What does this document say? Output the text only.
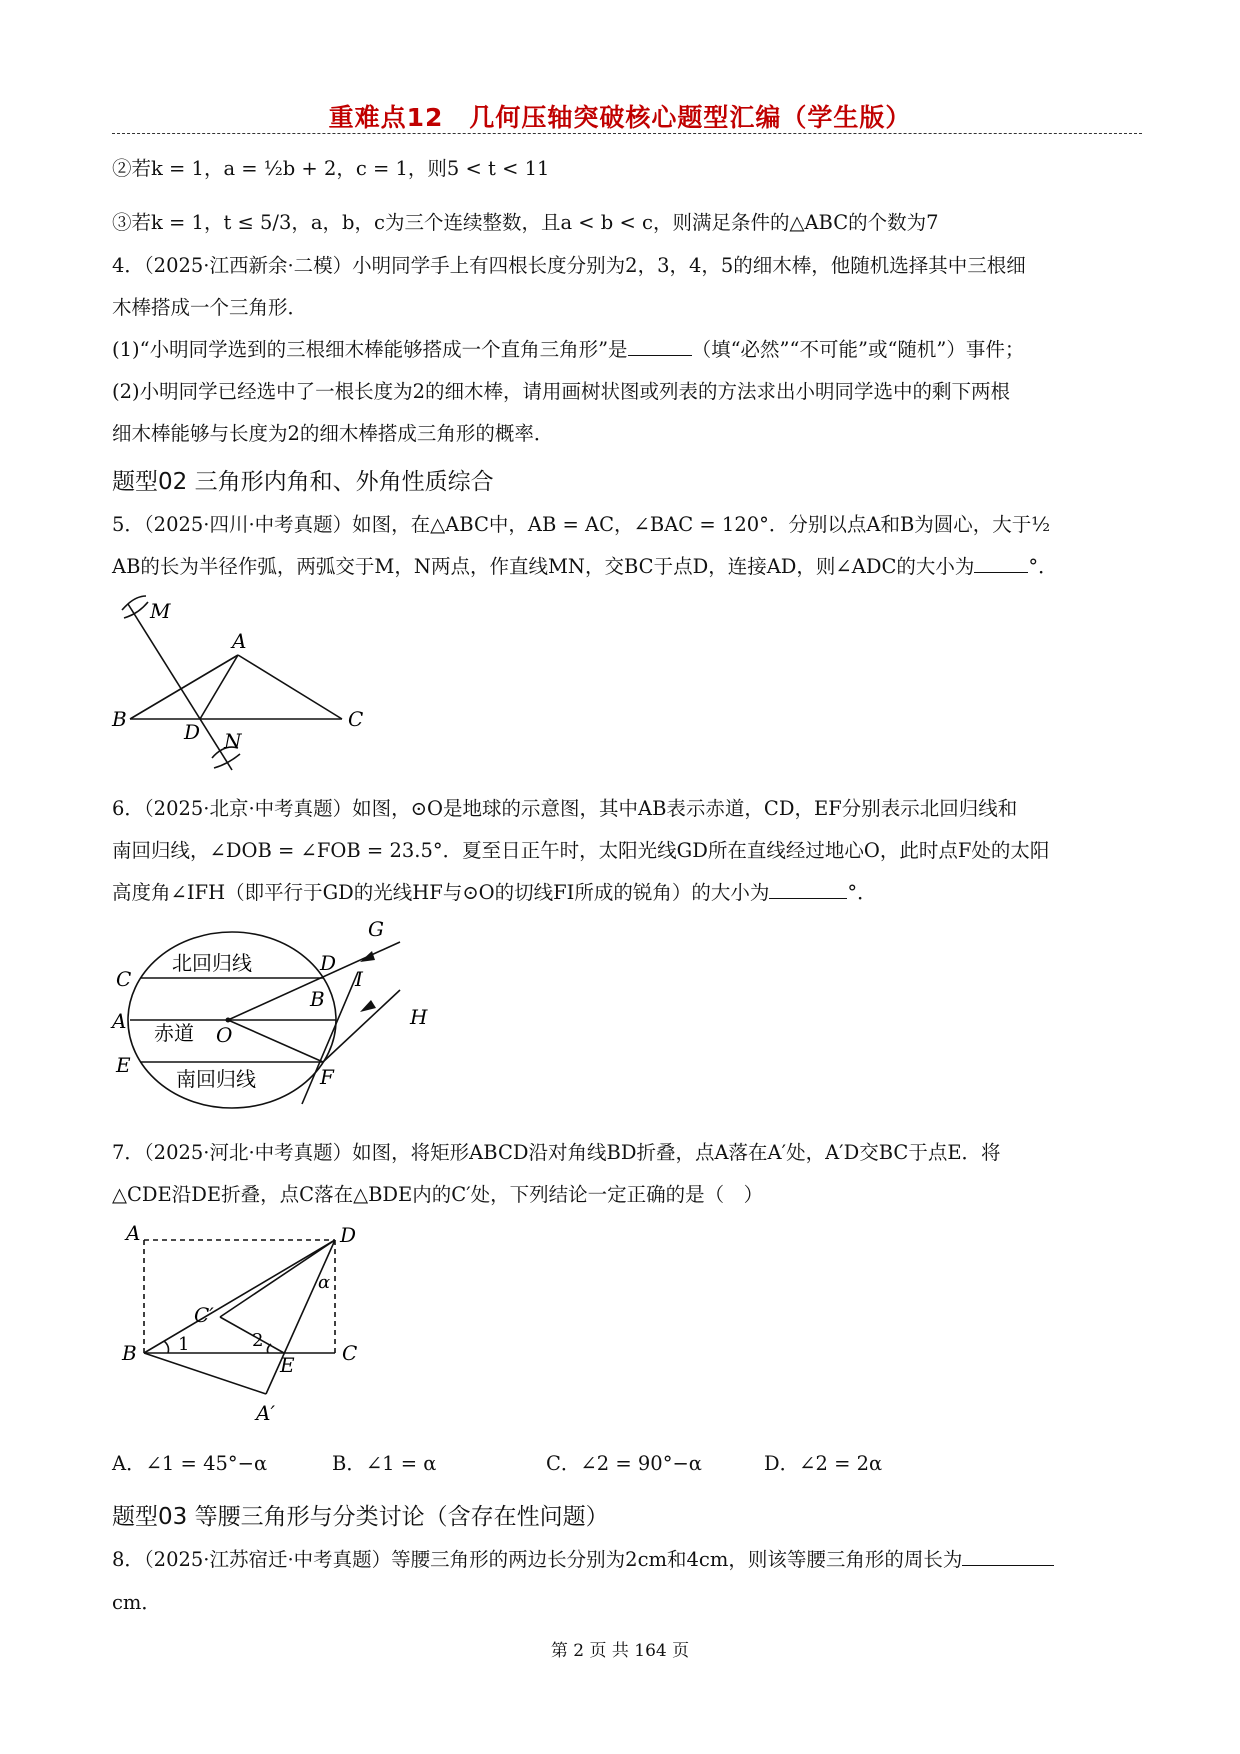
重难点12　几何压轴突破核心题型汇编（学生版）
②若k = 1，a = ½b + 2，c = 1，则5 < t < 11
③若k = 1，t ≤ 5/3，a，b，c为三个连续整数，且a < b < c，则满足条件的△ABC的个数为7
4．（2025·江西新余·二模）小明同学手上有四根长度分别为2，3，4，5的细木棒，他随机选择其中三根细
木棒搭成一个三角形．
(1)“小明同学选到的三根细木棒能够搭成一个直角三角形”是	（填“必然”“不可能”或“随机”）事件；
(2)小明同学已经选中了一根长度为2的细木棒，请用画树状图或列表的方法求出小明同学选中的剩下两根
细木棒能够与长度为2的细木棒搭成三角形的概率．
题型02 三角形内角和、外角性质综合
5．（2025·四川·中考真题）如图，在△ABC中，AB = AC，∠BAC = 120°．分别以点A和B为圆心，大于½
AB的长为半径作弧，两弧交于M，N两点，作直线MN，交BC于点D，连接AD，则∠ADC的大小为	°．
M
A
B	C
D N
6．（2025·北京·中考真题）如图，⊙O是地球的示意图，其中AB表示赤道，CD，EF分别表示北回归线和
南回归线，∠DOB = ∠FOB = 23.5°．夏至日正午时，太阳光线GD所在直线经过地心O，此时点F处的太阳
高度角∠IFH（即平行于GD的光线HF与⊙O的切线FI所成的锐角）的大小为	°．
G
C
D
I
A
B
O
H
E	F
北回归线
赤道
南回归线
7．（2025·河北·中考真题）如图，将矩形ABCD沿对角线BD折叠，点A落在A′处，A′D交BC于点E．将
△CDE沿DE折叠，点C落在△BDE内的C′处，下列结论一定正确的是（　）
A	D
α
C′
2
1
B	C
E
A′
A．∠1 = 45°−α	B．∠1 = α	C．∠2 = 90°−α	D．∠2 = 2α
题型03 等腰三角形与分类讨论（含存在性问题）
8．（2025·江苏宿迁·中考真题）等腰三角形的两边长分别为2cm和4cm，则该等腰三角形的周长为
cm．
第 2 页 共 164 页
